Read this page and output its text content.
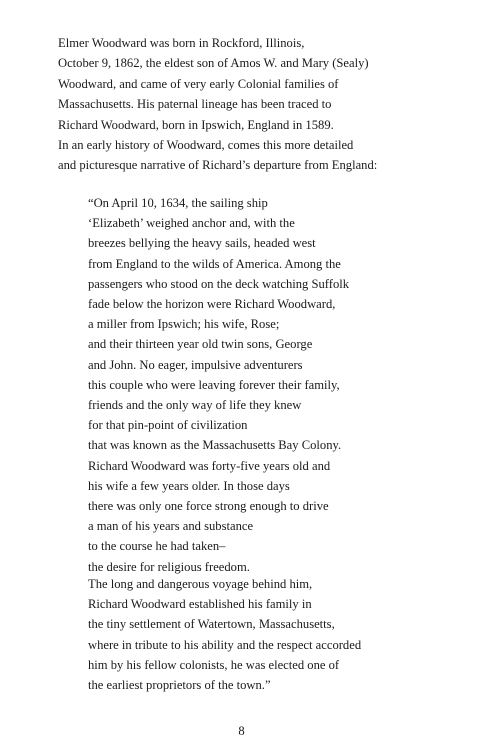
Elmer Woodward was born in Rockford, Illinois,
October 9, 1862, the eldest son of Amos W. and Mary (Sealy)
Woodward, and came of very early Colonial families of
Massachusetts. His paternal lineage has been traced to
Richard Woodward, born in Ipswich, England in 1589.
In an early history of Woodward, comes this more detailed
and picturesque narrative of Richard’s departure from England:
“On April 10, 1634, the sailing ship
‘Elizabeth’ weighed anchor and, with the
breezes bellying the heavy sails, headed west
from England to the wilds of America. Among the
passengers who stood on the deck watching Suffolk
fade below the horizon were Richard Woodward,
a miller from Ipswich; his wife, Rose;
and their thirteen year old twin sons, George
and John. No eager, impulsive adventurers
this couple who were leaving forever their family,
friends and the only way of life they knew
for that pin-point of civilization
that was known as the Massachusetts Bay Colony.
Richard Woodward was forty-five years old and
his wife a few years older. In those days
there was only one force strong enough to drive
a man of his years and substance
to the course he had taken–
the desire for religious freedom.
The long and dangerous voyage behind him,
Richard Woodward established his family in
the tiny settlement of Watertown, Massachusetts,
where in tribute to his ability and the respect accorded
him by his fellow colonists, he was elected one of
the earliest proprietors of the town.”
8
